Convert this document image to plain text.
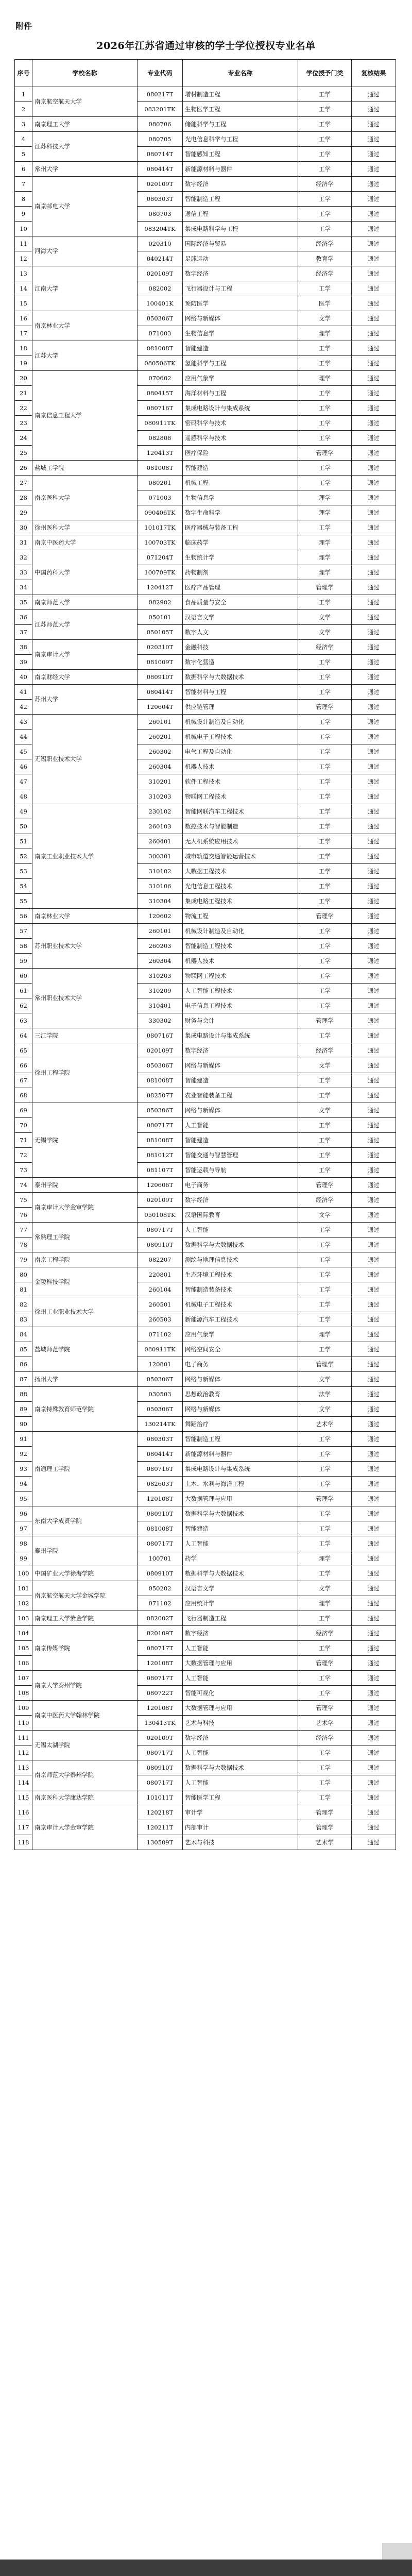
附件
2026年江苏省通过审核的学士学位授权专业名单
序号	学校名称	专业代码	专业名称	学位授予门类	复核结果
1	南京航空航天大学	080217T	增材制造工程	工学	通过
2		083201TK	生物医学工程	工学	通过
3	南京理工大学	080706	储能科学与工程	工学	通过
4	江苏科技大学	080705	光电信息科学与工程	工学	通过
5		080714T	智能感知工程	工学	通过
6	常州大学	080414T	新能源材料与器件	工学	通过
7	南京邮电大学	020109T	数字经济	经济学	通过
8		080303T	智能制造工程	工学	通过
9		080703	通信工程	工学	通过
10		083204TK	集成电路科学与工程	工学	通过
11	河海大学	020310	国际经济与贸易	经济学	通过
12		040214T	足球运动	教育学	通过
13	江南大学	020109T	数字经济	经济学	通过
14		082002	飞行器设计与工程	工学	通过
15		100401K	预防医学	医学	通过
16	南京林业大学	050306T	网络与新媒体	文学	通过
17		071003	生物信息学	理学	通过
18	江苏大学	081008T	智能建造	工学	通过
19		080506TK	氢能科学与工程	工学	通过
20	南京信息工程大学	070602	应用气象学	理学	通过
21		080415T	海洋材料与工程	工学	通过
22		080716T	集成电路设计与集成系统	工学	通过
23		080911TK	密码科学与技术	工学	通过
24		082808	遥感科学与技术	工学	通过
25		120413T	医疗保险	管理学	通过
26	盐城工学院	081008T	智能建造	工学	通过
27	南京医科大学	080201	机械工程	工学	通过
28		071003	生物信息学	理学	通过
29		090406TK	数字生命科学	理学	通过
30	徐州医科大学	101017TK	医疗器械与装备工程	工学	通过
31	南京中医药大学	100703TK	临床药学	理学	通过
32	中国药科大学	071204T	生物统计学	理学	通过
33		100709TK	药物制剂	理学	通过
34		120412T	医疗产品管理	管理学	通过
35	南京师范大学	082902	食品质量与安全	工学	通过
36	江苏师范大学	050101	汉语言文学	文学	通过
37		050105T	数字人文	文学	通过
38	南京审计大学	020310T	金融科技	经济学	通过
39		081009T	数字化营造	工学	通过
40	南京财经大学	080910T	数据科学与大数据技术	工学	通过
41	苏州大学	080414T	智能材料与工程	工学	通过
42		120604T	供应链管理	管理学	通过
43	无锡职业技术大学	260101	机械设计制造及自动化	工学	通过
44		260201	机械电子工程技术	工学	通过
45		260302	电气工程及自动化	工学	通过
46		260304	机器人技术	工学	通过
47		310201	软件工程技术	工学	通过
48		310203	物联网工程技术	工学	通过
49	南京工业职业技术大学	230102	智能网联汽车工程技术	工学	通过
50		260103	数控技术与智能制造	工学	通过
51		260401	无人机系统应用技术	工学	通过
52		300301	城市轨道交通智能运营技术	工学	通过
53		310102	大数据工程技术	工学	通过
54		310106	光电信息工程技术	工学	通过
55		310304	集成电路工程技术	工学	通过
56	南京林业大学	120602	物流工程	管理学	通过
57	苏州职业技术大学	260101	机械设计制造及自动化	工学	通过
58		260203	智能制造工程技术	工学	通过
59		260304	机器人技术	工学	通过
60	常州职业技术大学	310203	物联网工程技术	工学	通过
61		310209	人工智能工程技术	工学	通过
62		310401	电子信息工程技术	工学	通过
63		330302	财务与会计	管理学	通过
64	三江学院	080716T	集成电路设计与集成系统	工学	通过
65	徐州工程学院	020109T	数字经济	经济学	通过
66		050306T	网络与新媒体	文学	通过
67		081008T	智能建造	工学	通过
68		082507T	农业智能装备工程	工学	通过
69	无锡学院	050306T	网络与新媒体	文学	通过
70		080717T	人工智能	工学	通过
71		081008T	智能建造	工学	通过
72		081012T	智能交通与智慧管理	工学	通过
73		081107T	智能运载与导航	工学	通过
74	泰州学院	120606T	电子商务	管理学	通过
75	南京审计大学金审学院	020109T	数字经济	经济学	通过
76		050108TK	汉语国际教育	文学	通过
77	常熟理工学院	080717T	人工智能	工学	通过
78		080910T	数据科学与大数据技术	工学	通过
79	南京工程学院	082207	测绘与地理信息技术	工学	通过
80	金陵科技学院	220801	生态环境工程技术	工学	通过
81		260104	智能制造装备技术	工学	通过
82	徐州工业职业技术大学	260501	机械电子工程技术	工学	通过
83		260503	新能源汽车工程技术	工学	通过
84	盐城师范学院	071102	应用气象学	理学	通过
85		080911TK	网络空间安全	工学	通过
86		120801	电子商务	管理学	通过
87	扬州大学	050306T	网络与新媒体	文学	通过
88	南京特殊教育师范学院	030503	思想政治教育	法学	通过
89		050306T	网络与新媒体	文学	通过
90		130214TK	舞蹈治疗	艺术学	通过
91	南通理工学院	080303T	智能制造工程	工学	通过
92		080414T	新能源材料与器件	工学	通过
93		080716T	集成电路设计与集成系统	工学	通过
94		082603T	土木、水利与海洋工程	工学	通过
95		120108T	大数据管理与应用	管理学	通过
96	东南大学成贤学院	080910T	数据科学与大数据技术	工学	通过
97		081008T	智能建造	工学	通过
98	泰州学院	080717T	人工智能	工学	通过
99		100701	药学	理学	通过
100	中国矿业大学徐海学院	080910T	数据科学与大数据技术	工学	通过
101	南京航空航天大学金城学院	050202	汉语言文学	文学	通过
102		071102	应用统计学	理学	通过
103	南京理工大学紫金学院	082002T	飞行器制造工程	工学	通过
104	南京传媒学院	020109T	数字经济	经济学	通过
105		080717T	人工智能	工学	通过
106		120108T	大数据管理与应用	管理学	通过
107	南京大学泰州学院	080717T	人工智能	工学	通过
108		080722T	智能可视化	工学	通过
109	南京中医药大学翰林学院	120108T	大数据管理与应用	管理学	通过
110		130413TK	艺术与科技	艺术学	通过
111	无锡太湖学院	020109T	数字经济	经济学	通过
112		080717T	人工智能	工学	通过
113	南京师范大学泰州学院	080910T	数据科学与大数据技术	工学	通过
114		080717T	人工智能	工学	通过
115	南京医科大学康达学院	101011T	智能医学工程	工学	通过
116	南京审计大学金审学院	120218T	审计学	管理学	通过
117		120211T	内部审计	管理学	通过
118		130509T	艺术与科技	艺术学	通过
